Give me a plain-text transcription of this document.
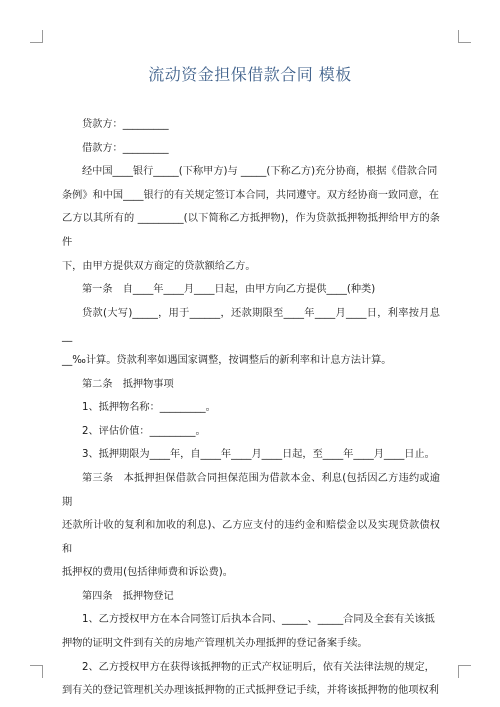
流动资金担保借款合同 模板
贷款方：_________
借款方：_________
经中国____银行_____(下称甲方)与 _____(下称乙方)充分协商，根据《借款合同
条例》和中国____银行的有关规定签订本合同，共同遵守。双方经协商一致同意，在
乙方以其所有的 _________(以下简称乙方抵押物)，作为贷款抵押物抵押给甲方的条件
下，由甲方提供双方商定的贷款额给乙方。
第一条　自____年____月____日起，由甲方向乙方提供____(种类)
贷款(大写)_____，用于______，还款期限至____年____月____日，利率按月息__
__‰计算。贷款利率如遇国家调整，按调整后的新利率和计息方法计算。
第二条　抵押物事项
1、抵押物名称：_________。
2、评估价值：_________。
3、抵押期限为____年，自____年____月____日起，至____年____月____日止。
第三条　本抵押担保借款合同担保范围为借款本金、利息(包括因乙方违约或逾期
还款所计收的复利和加收的利息)、乙方应支付的违约金和赔偿金以及实现贷款债权和
抵押权的费用(包括律师费和诉讼费)。
第四条　抵押物登记
1、乙方授权甲方在本合同签订后执本合同、_____、_____合同及全套有关该抵
押物的证明文件到有关的房地产管理机关办理抵押的登记备案手续。
2、乙方授权甲方在获得该抵押物的正式产权证明后，依有关法律法规的规定，
到有关的登记管理机关办理该抵押物的正式抵押登记手续，并将该抵押物的他项权利
